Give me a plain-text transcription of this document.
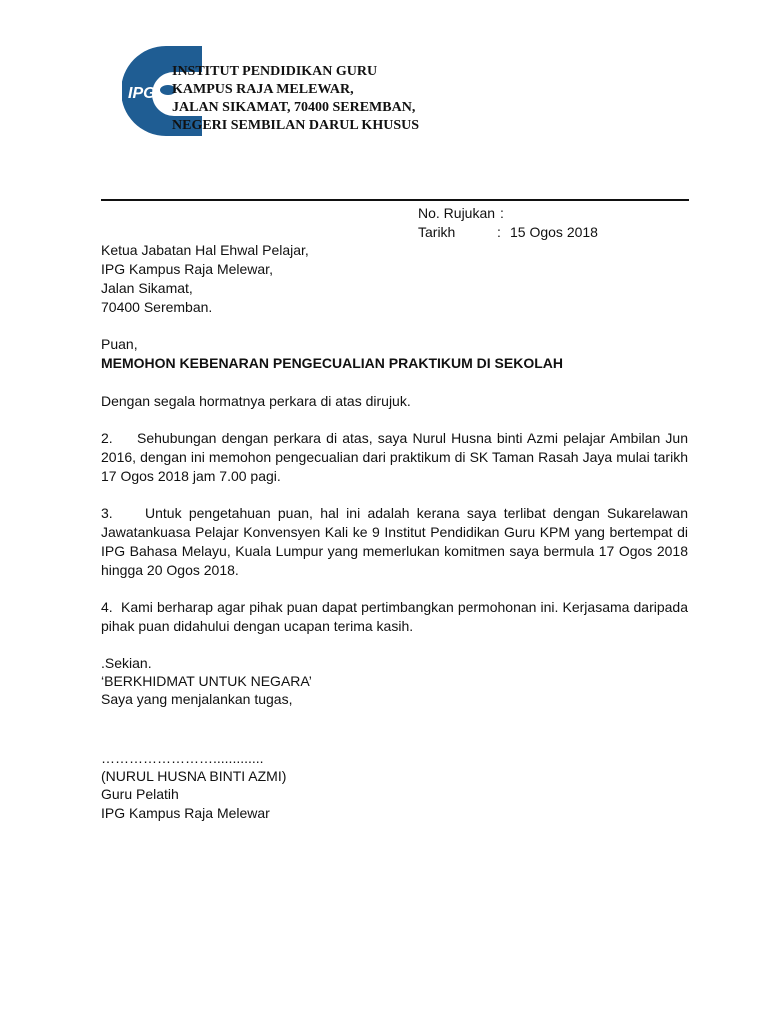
IPG
INSTITUT PENDIDIKAN GURU
KAMPUS RAJA MELEWAR,
JALAN SIKAMAT, 70400 SEREMBAN,
NEGERI SEMBILAN DARUL KHUSUS
No. Rujukan :
Tarikh	: 15 Ogos 2018
Ketua Jabatan Hal Ehwal Pelajar,
IPG Kampus Raja Melewar,
Jalan Sikamat,
70400 Seremban.
Puan,
MEMOHON KEBENARAN PENGECUALIAN PRAKTIKUM DI SEKOLAH
Dengan segala hormatnya perkara di atas dirujuk.
2. Sehubungan dengan perkara di atas, saya Nurul Husna binti Azmi pelajar Ambilan Jun 2016, dengan ini memohon pengecualian dari praktikum di SK Taman Rasah Jaya mulai tarikh 17 Ogos 2018 jam 7.00 pagi.
3. Untuk pengetahuan puan, hal ini adalah kerana saya terlibat dengan Sukarelawan Jawatankuasa Pelajar Konvensyen Kali ke 9 Institut Pendidikan Guru KPM yang bertempat di IPG Bahasa Melayu, Kuala Lumpur yang memerlukan komitmen saya bermula 17 Ogos 2018 hingga 20 Ogos 2018.
4. Kami berharap agar pihak puan dapat pertimbangkan permohonan ini. Kerjasama daripada pihak puan didahului dengan ucapan terima kasih.
.Sekian.
‘BERKHIDMAT UNTUK NEGARA’
Saya yang menjalankan tugas,
…………………….............
(NURUL HUSNA BINTI AZMI)
Guru Pelatih
IPG Kampus Raja Melewar
